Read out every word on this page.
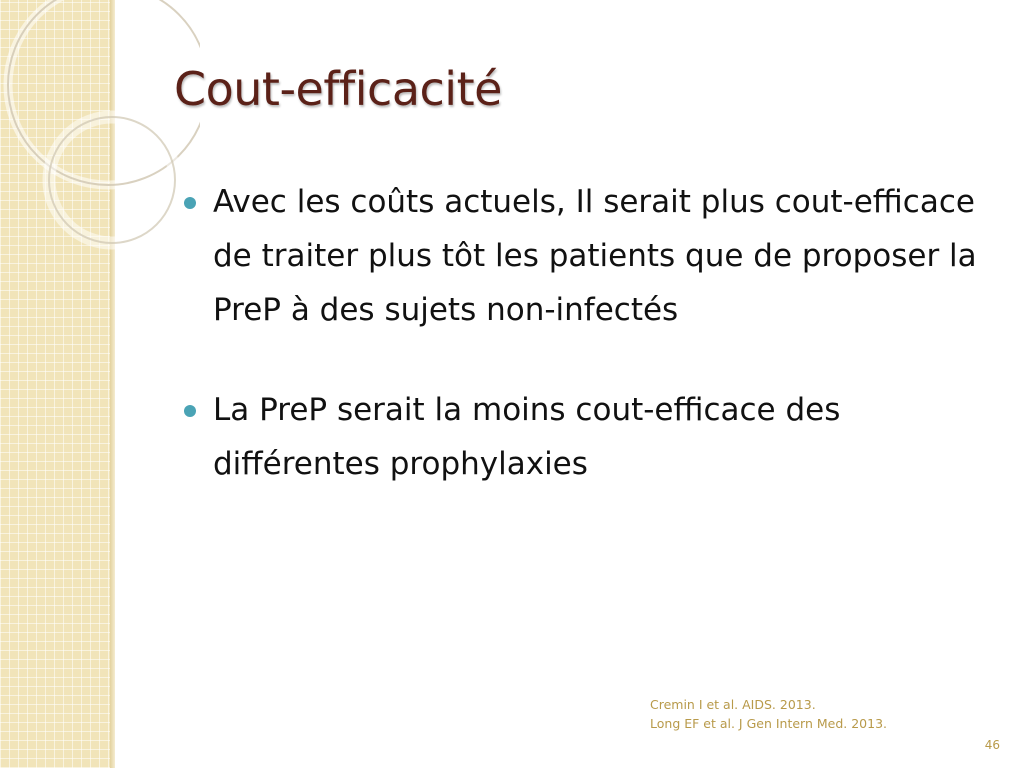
Cout-efficacité
Avec les coûts actuels, Il serait plus cout-efficace de traiter plus tôt les patients que de proposer la PreP à des sujets non-infectés
La PreP serait la moins cout-efficace des différentes prophylaxies
Cremin I et al. AIDS. 2013.
Long EF et al. J Gen Intern Med. 2013.
46
